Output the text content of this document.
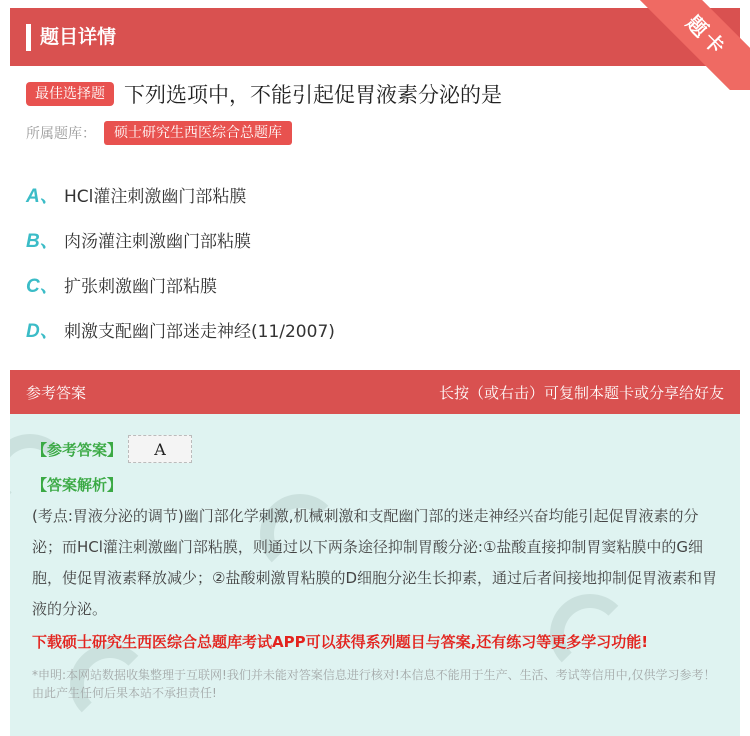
题目详情	题卡
最佳选择题 下列选项中，不能引起促胃液素分泌的是
所属题库：	硕士研究生西医综合总题库
A、 HCl灌注刺激幽门部粘膜
B、 肉汤灌注刺激幽门部粘膜
C、 扩张刺激幽门部粘膜
D、 刺激支配幽门部迷走神经(11/2007)
参考答案	长按（或右击）可复制本题卡或分享给好友
【参考答案】	A
【答案解析】
(考点:胃液分泌的调节)幽门部化学刺激,机械刺激和支配幽门部的迷走神经兴奋均能引起促胃液素的分泌；而HCl灌注刺激幽门部粘膜，则通过以下两条途径抑制胃酸分泌:①盐酸直接抑制胃窦粘膜中的G细胞，使促胃液素释放减少；②盐酸刺激胃粘膜的D细胞分泌生长抑素，通过后者间接地抑制促胃液素和胃液的分泌。
下载硕士研究生西医综合总题库考试APP可以获得系列题目与答案,还有练习等更多学习功能!
*申明:本网站数据收集整理于互联网!我们并未能对答案信息进行核对!本信息不能用于生产、生活、考试等信用中,仅供学习参考！由此产生任何后果本站不承担责任!
